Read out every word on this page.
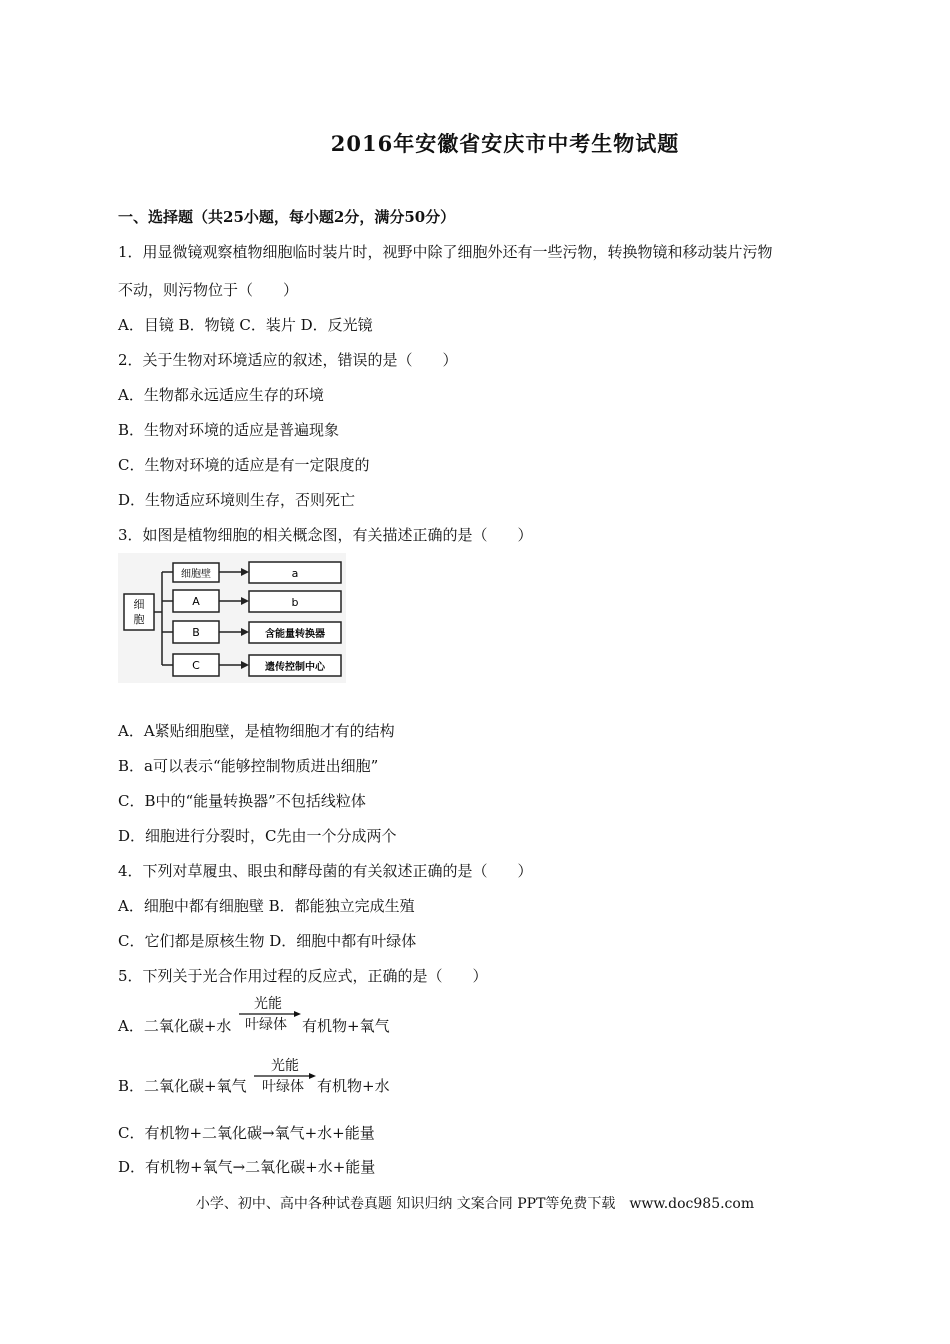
2016年安徽省安庆市中考生物试题
一、选择题（共25小题，每小题2分，满分50分）
1．用显微镜观察植物细胞临时装片时，视野中除了细胞外还有一些污物，转换物镜和移动装片污物
不动，则污物位于（　　）
A．目镜 B．物镜 C．装片 D．反光镜
2．关于生物对环境适应的叙述，错误的是（　　）
A．生物都永远适应生存的环境
B．生物对环境的适应是普遍现象
C．生物对环境的适应是有一定限度的
D．生物适应环境则生存，否则死亡
3．如图是植物细胞的相关概念图，有关描述正确的是（　　）
细
胞
细胞壁
A
B
C
a
b
含能量转换器
遗传控制中心
A．A紧贴细胞壁，是植物细胞才有的结构
B．a可以表示“能够控制物质进出细胞”
C．B中的“能量转换器”不包括线粒体
D．细胞进行分裂时，C先由一个分成两个
4．下列对草履虫、眼虫和酵母菌的有关叙述正确的是（　　）
A．细胞中都有细胞壁 B．都能独立完成生殖
C．它们都是原核生物 D．细胞中都有叶绿体
5．下列关于光合作用过程的反应式，正确的是（　　）
A．二氧化碳+水
光能
叶绿体 有机物+氧气
B．二氧化碳+氧气
光能
叶绿体 有机物+水
C．有机物+二氧化碳→氧气+水+能量
D．有机物+氧气→二氧化碳+水+能量
小学、初中、高中各种试卷真题 知识归纳 文案合同 PPT等免费下载　www.doc985.com
